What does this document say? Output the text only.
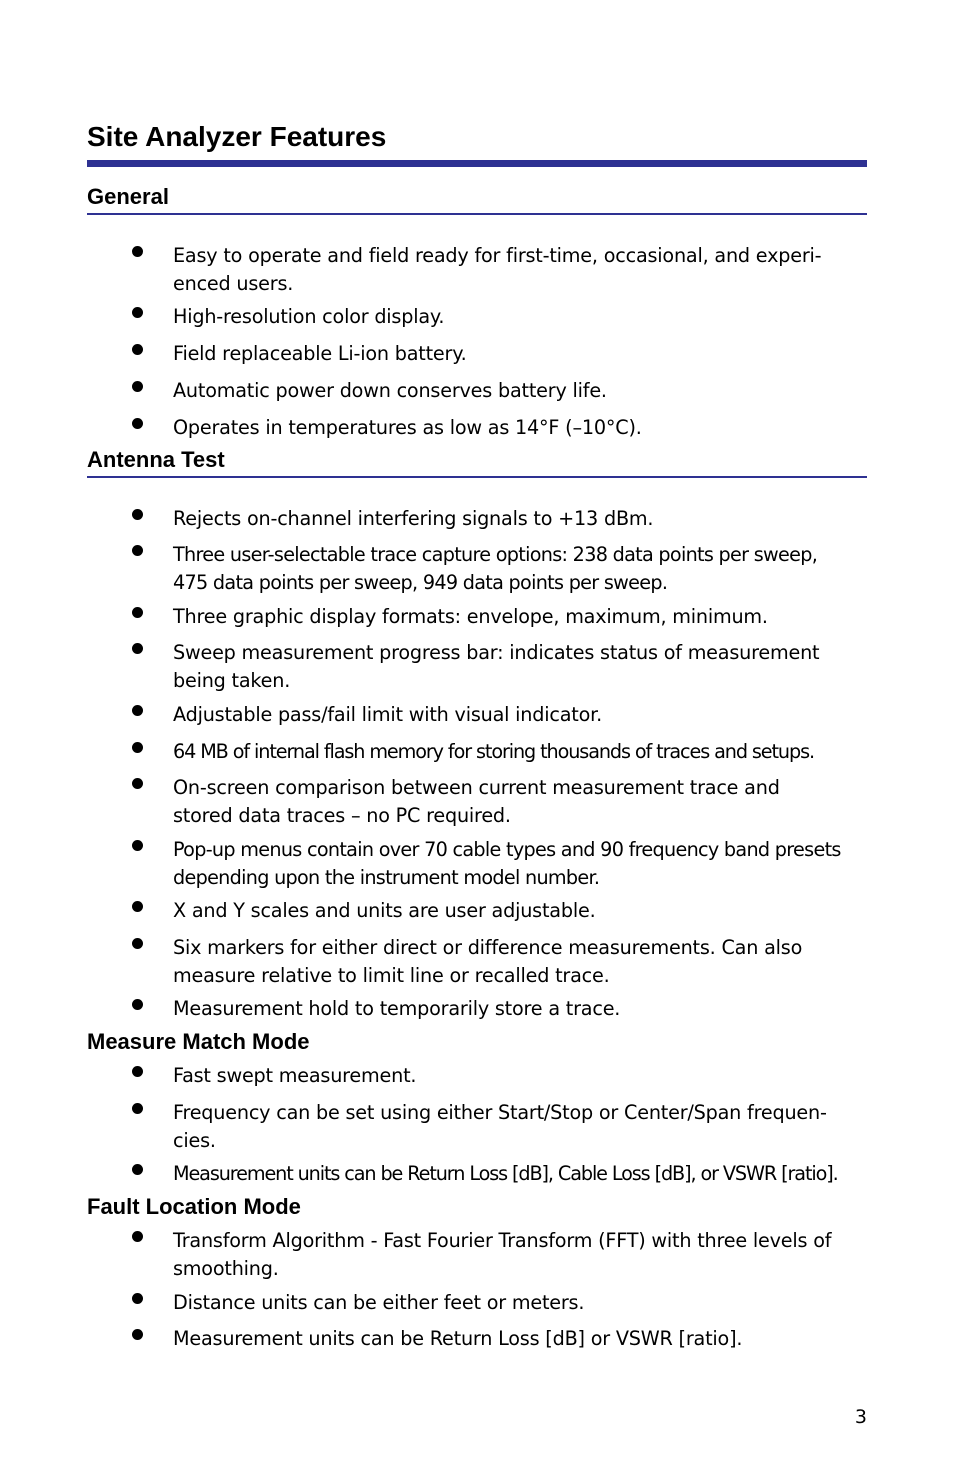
Site Analyzer Features
General
Easy to operate and field ready for first-time, occasional, and experi-
enced users.
High-resolution color display.
Field replaceable Li-ion battery.
Automatic power down conserves battery life.
Operates in temperatures as low as 14°F (–10°C).
Antenna Test
Rejects on-channel interfering signals to +13 dBm.
Three user-selectable trace capture options: 238 data points per sweep,
475 data points per sweep, 949 data points per sweep.
Three graphic display formats: envelope, maximum, minimum.
Sweep measurement progress bar: indicates status of measurement
being taken.
Adjustable pass/fail limit with visual indicator.
64 MB of internal flash memory for storing thousands of traces and setups.
On-screen comparison between current measurement trace and
stored data traces – no PC required.
Pop-up menus contain over 70 cable types and 90 frequency band presets
depending upon the instrument model number.
X and Y scales and units are user adjustable.
Six markers for either direct or difference measurements. Can also
measure relative to limit line or recalled trace.
Measurement hold to temporarily store a trace.
Measure Match Mode
Fast swept measurement.
Frequency can be set using either Start/Stop or Center/Span frequen-
cies.
Measurement units can be Return Loss [dB], Cable Loss [dB], or VSWR [ratio].
Fault Location Mode
Transform Algorithm - Fast Fourier Transform (FFT) with three levels of
smoothing.
Distance units can be either feet or meters.
Measurement units can be Return Loss [dB] or VSWR [ratio].
3
